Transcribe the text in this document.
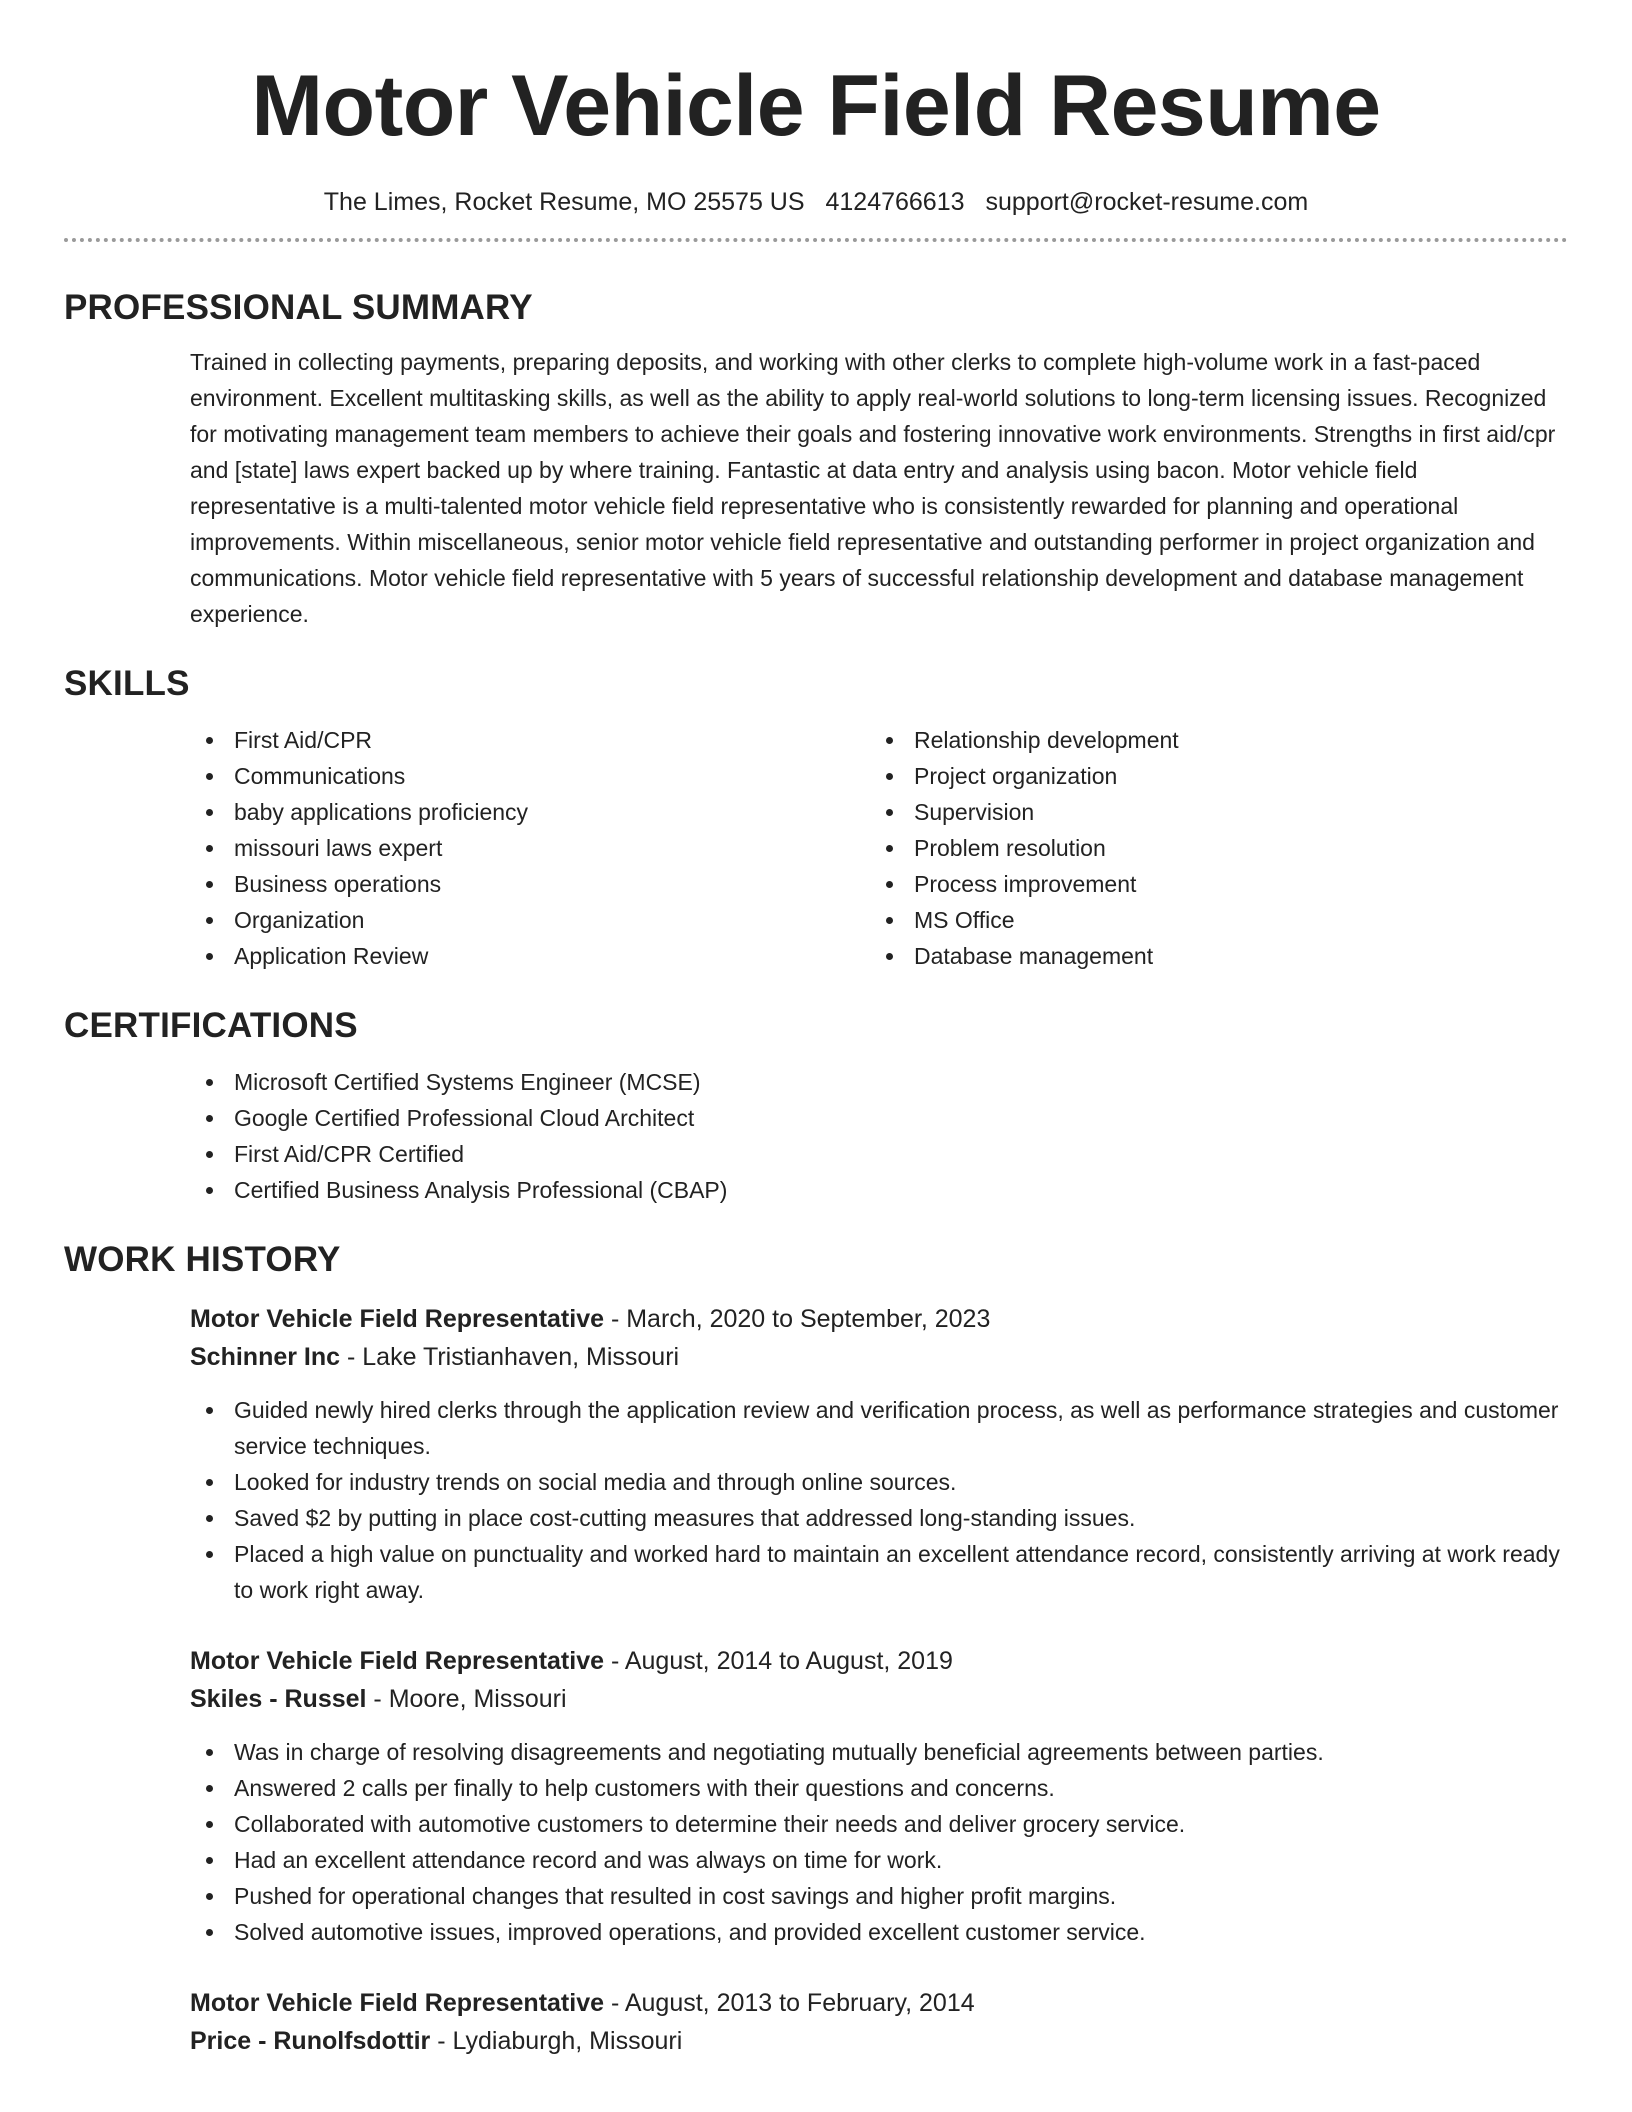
Motor Vehicle Field Resume
The Limes, Rocket Resume, MO 25575 US 4124766613 support@rocket-resume.com
PROFESSIONAL SUMMARY

Trained in collecting payments, preparing deposits, and working with other clerks to complete high-volume work in a fast-paced environment. Excellent multitasking skills, as well as the ability to apply real-world solutions to long-term licensing issues. Recognized for motivating management team members to achieve their goals and fostering innovative work environments. Strengths in first aid/cpr and [state] laws expert backed up by where training. Fantastic at data entry and analysis using bacon. Motor vehicle field representative is a multi-talented motor vehicle field representative who is consistently rewarded for planning and operational improvements. Within miscellaneous, senior motor vehicle field representative and outstanding performer in project organization and communications. Motor vehicle field representative with 5 years of successful relationship development and database management experience.

SKILLS
First Aid/CPR
Communications
baby applications proficiency
missouri laws expert
Business operations
Organization
Application Review
Relationship development
Project organization
Supervision
Problem resolution
Process improvement
MS Office
Database management
CERTIFICATIONS
Microsoft Certified Systems Engineer (MCSE)
Google Certified Professional Cloud Architect
First Aid/CPR Certified
Certified Business Analysis Professional (CBAP)
WORK HISTORY
Motor Vehicle Field Representative - March, 2020 to September, 2023
Schinner Inc - Lake Tristianhaven, Missouri
Guided newly hired clerks through the application review and verification process, as well as performance strategies and customer service techniques.
Looked for industry trends on social media and through online sources.
Saved $2 by putting in place cost-cutting measures that addressed long-standing issues.
Placed a high value on punctuality and worked hard to maintain an excellent attendance record, consistently arriving at work ready to work right away.
Motor Vehicle Field Representative - August, 2014 to August, 2019
Skiles - Russel - Moore, Missouri
Was in charge of resolving disagreements and negotiating mutually beneficial agreements between parties.
Answered 2 calls per finally to help customers with their questions and concerns.
Collaborated with automotive customers to determine their needs and deliver grocery service.
Had an excellent attendance record and was always on time for work.
Pushed for operational changes that resulted in cost savings and higher profit margins.
Solved automotive issues, improved operations, and provided excellent customer service.
Motor Vehicle Field Representative - August, 2013 to February, 2014
Price - Runolfsdottir - Lydiaburgh, Missouri
